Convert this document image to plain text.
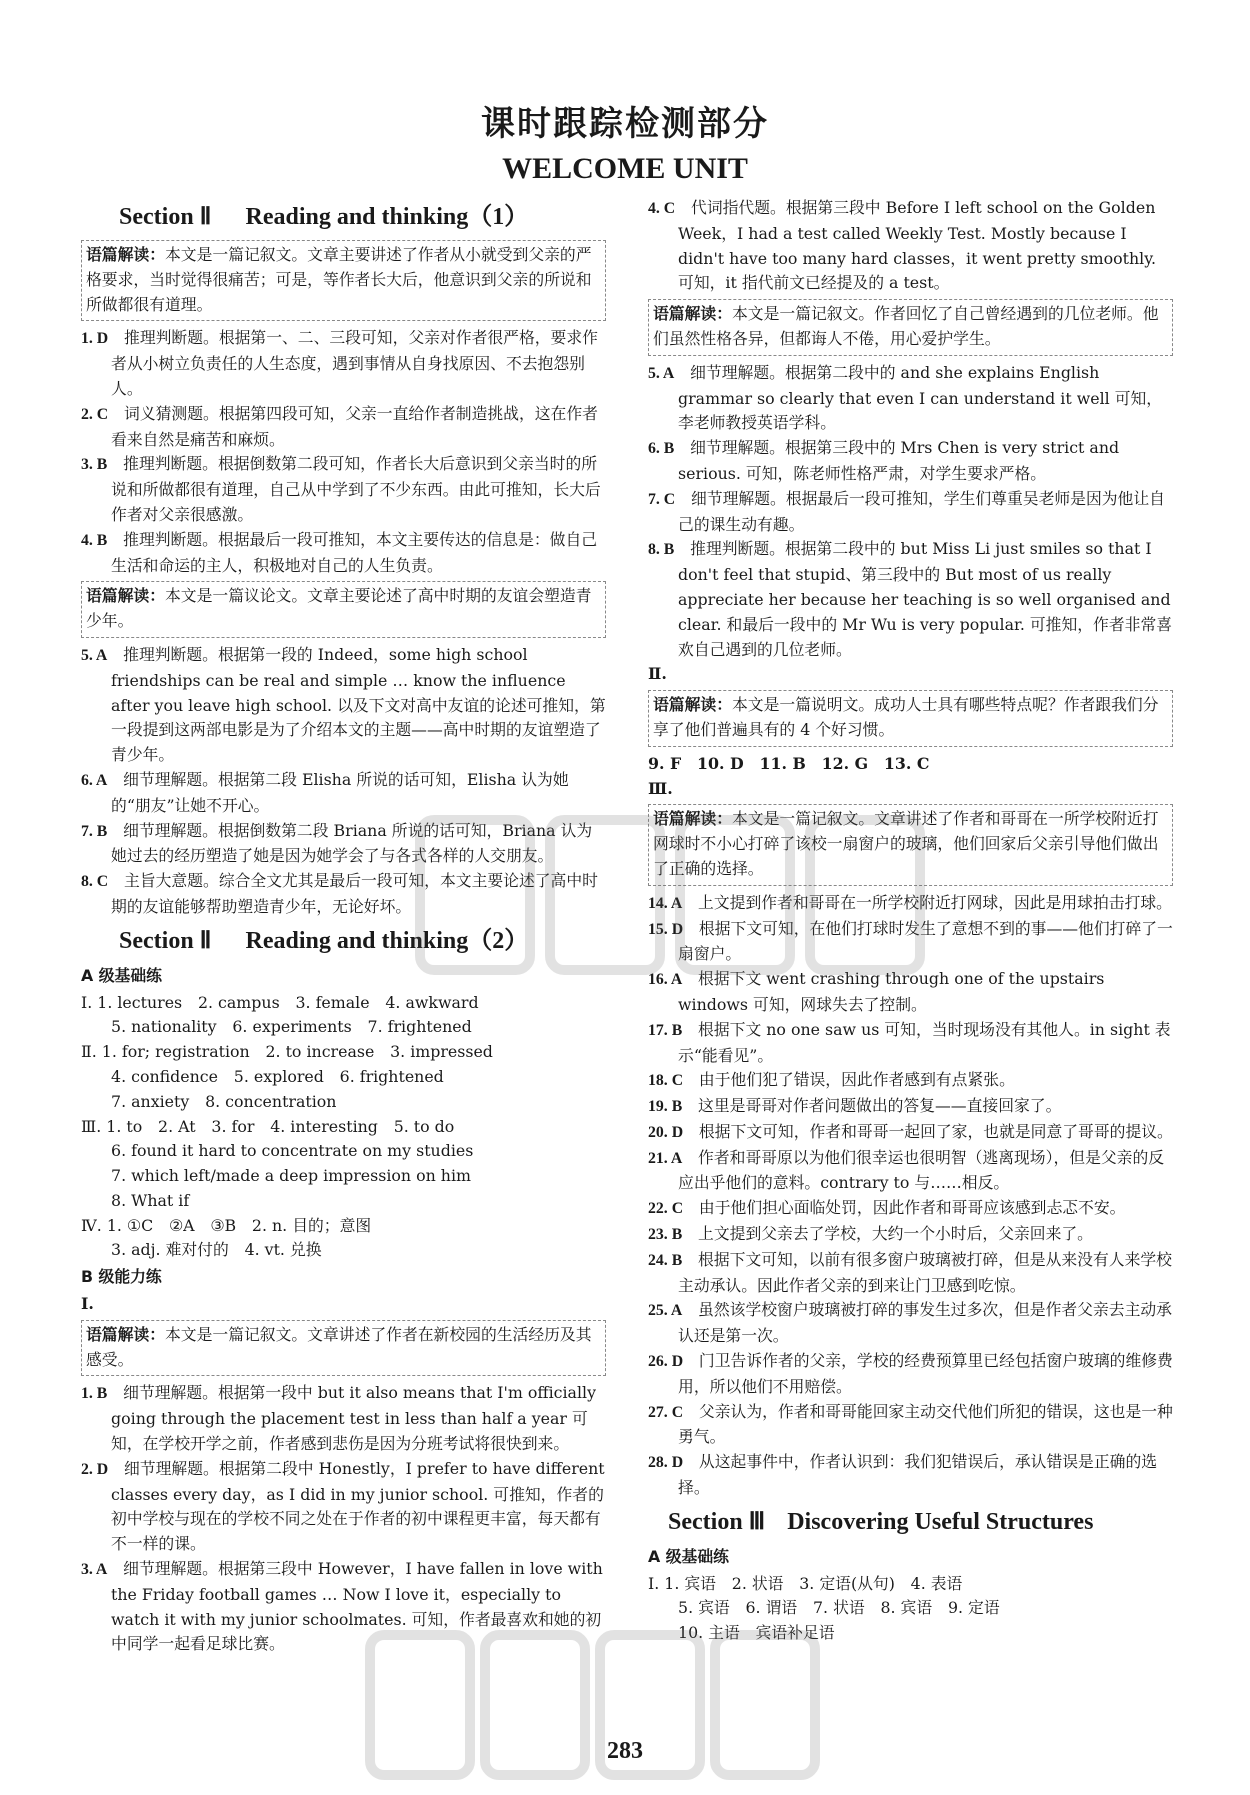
课时跟踪检测部分
WELCOME UNIT
Section Ⅱ Reading and thinking（1）
语篇解读：本文是一篇记叙文。文章主要讲述了作者从小就受到父亲的严格要求，当时觉得很痛苦；可是，等作者长大后，他意识到父亲的所说和所做都很有道理。

1. D　 推理判断题。根据第一、二、三段可知，父亲对作者很严格，要求作者从小树立负责任的人生态度，遇到事情从自身找原因、不去抱怨别人。

2. C　 词义猜测题。根据第四段可知，父亲一直给作者制造挑战，这在作者看来自然是痛苦和麻烦。

3. B　 推理判断题。根据倒数第二段可知，作者长大后意识到父亲当时的所说和所做都很有道理，自己从中学到了不少东西。由此可推知，长大后作者对父亲很感激。

4. B　 推理判断题。根据最后一段可推知，本文主要传达的信息是：做自己生活和命运的主人，积极地对自己的人生负责。

语篇解读：本文是一篇议论文。文章主要论述了高中时期的友谊会塑造青少年。

5. A　 推理判断题。根据第一段的 Indeed，some high school friendships can be real and simple … know the influence after you leave high school. 以及下文对高中友谊的论述可推知，第一段提到这两部电影是为了介绍本文的主题——高中时期的友谊塑造了青少年。

6. A　 细节理解题。根据第二段 Elisha 所说的话可知，Elisha 认为她的“朋友”让她不开心。

7. B　 细节理解题。根据倒数第二段 Briana 所说的话可知，Briana 认为她过去的经历塑造了她是因为她学会了与各式各样的人交朋友。

8. C　 主旨大意题。综合全文尤其是最后一段可知，本文主要论述了高中时期的友谊能够帮助塑造青少年，无论好坏。

Section Ⅱ Reading and thinking（2）
A 级基础练

Ⅰ. 1. lectures　2. campus　3. female　4. awkward

5. nationality　6. experiments　7. frightened

Ⅱ. 1. for; registration　2. to increase　3. impressed

4. confidence　5. explored　6. frightened

7. anxiety　8. concentration

Ⅲ. 1. to　2. At　3. for　4. interesting　5. to do

6. found it hard to concentrate on my studies

7. which left/made a deep impression on him

8. What if

Ⅳ. 1. ①C　②A　③B　2. n. 目的；意图

3. adj. 难对付的　4. vt. 兑换

B 级能力练

Ⅰ.

语篇解读：本文是一篇记叙文。文章讲述了作者在新校园的生活经历及其感受。

1. B　 细节理解题。根据第一段中 but it also means that I'm officially going through the placement test in less than half a year 可知，在学校开学之前，作者感到悲伤是因为分班考试将很快到来。

2. D　 细节理解题。根据第二段中 Honestly，I prefer to have different classes every day，as I did in my junior school. 可推知，作者的初中学校与现在的学校不同之处在于作者的初中课程更丰富，每天都有不一样的课。

3. A　 细节理解题。根据第三段中 However，I have fallen in love with the Friday football games … Now I love it，especially to watch it with my junior schoolmates. 可知，作者最喜欢和她的初中同学一起看足球比赛。

4. C　 代词指代题。根据第三段中 Before I left school on the Golden Week，I had a test called Weekly Test. Mostly because I didn't have too many hard classes，it went pretty smoothly. 可知，it 指代前文已经提及的 a test。

语篇解读：本文是一篇记叙文。作者回忆了自己曾经遇到的几位老师。他们虽然性格各异，但都诲人不倦，用心爱护学生。

5. A　 细节理解题。根据第二段中的 and she explains English grammar so clearly that even I can understand it well 可知，李老师教授英语学科。

6. B　 细节理解题。根据第三段中的 Mrs Chen is very strict and serious. 可知，陈老师性格严肃，对学生要求严格。

7. C　 细节理解题。根据最后一段可推知，学生们尊重吴老师是因为他让自己的课生动有趣。

8. B　 推理判断题。根据第二段中的 but Miss Li just smiles so that I don't feel that stupid、第三段中的 But most of us really appreciate her because her teaching is so well organised and clear. 和最后一段中的 Mr Wu is very popular. 可推知，作者非常喜欢自己遇到的几位老师。

Ⅱ.

语篇解读：本文是一篇说明文。成功人士具有哪些特点呢？作者跟我们分享了他们普遍具有的 4 个好习惯。

9. F　10. D　11. B　12. G　13. C

Ⅲ.

语篇解读：本文是一篇记叙文。文章讲述了作者和哥哥在一所学校附近打网球时不小心打碎了该校一扇窗户的玻璃，他们回家后父亲引导他们做出了正确的选择。

14. A　 上文提到作者和哥哥在一所学校附近打网球，因此是用球拍击打球。

15. D　 根据下文可知，在他们打球时发生了意想不到的事——他们打碎了一扇窗户。

16. A　 根据下文 went crashing through one of the upstairs windows 可知，网球失去了控制。

17. B　 根据下文 no one saw us 可知，当时现场没有其他人。in sight 表示“能看见”。

18. C　 由于他们犯了错误，因此作者感到有点紧张。

19. B　 这里是哥哥对作者问题做出的答复——直接回家了。

20. D　 根据下文可知，作者和哥哥一起回了家，也就是同意了哥哥的提议。

21. A　 作者和哥哥原以为他们很幸运也很明智（逃离现场），但是父亲的反应出乎他们的意料。contrary to 与……相反。

22. C　 由于他们担心面临处罚，因此作者和哥哥应该感到忐忑不安。

23. B　 上文提到父亲去了学校，大约一个小时后，父亲回来了。

24. B　 根据下文可知，以前有很多窗户玻璃被打碎，但是从来没有人来学校主动承认。因此作者父亲的到来让门卫感到吃惊。

25. A　 虽然该学校窗户玻璃被打碎的事发生过多次，但是作者父亲去主动承认还是第一次。

26. D　 门卫告诉作者的父亲，学校的经费预算里已经包括窗户玻璃的维修费用，所以他们不用赔偿。

27. C　 父亲认为，作者和哥哥能回家主动交代他们所犯的错误，这也是一种勇气。

28. D　 从这起事件中，作者认识到：我们犯错误后，承认错误是正确的选择。

Section Ⅲ Discovering Useful Structures
A 级基础练

Ⅰ. 1. 宾语　2. 状语　3. 定语(从句)　4. 表语

5. 宾语　6. 谓语　7. 状语　8. 宾语　9. 定语

10. 主语　宾语补足语

283
